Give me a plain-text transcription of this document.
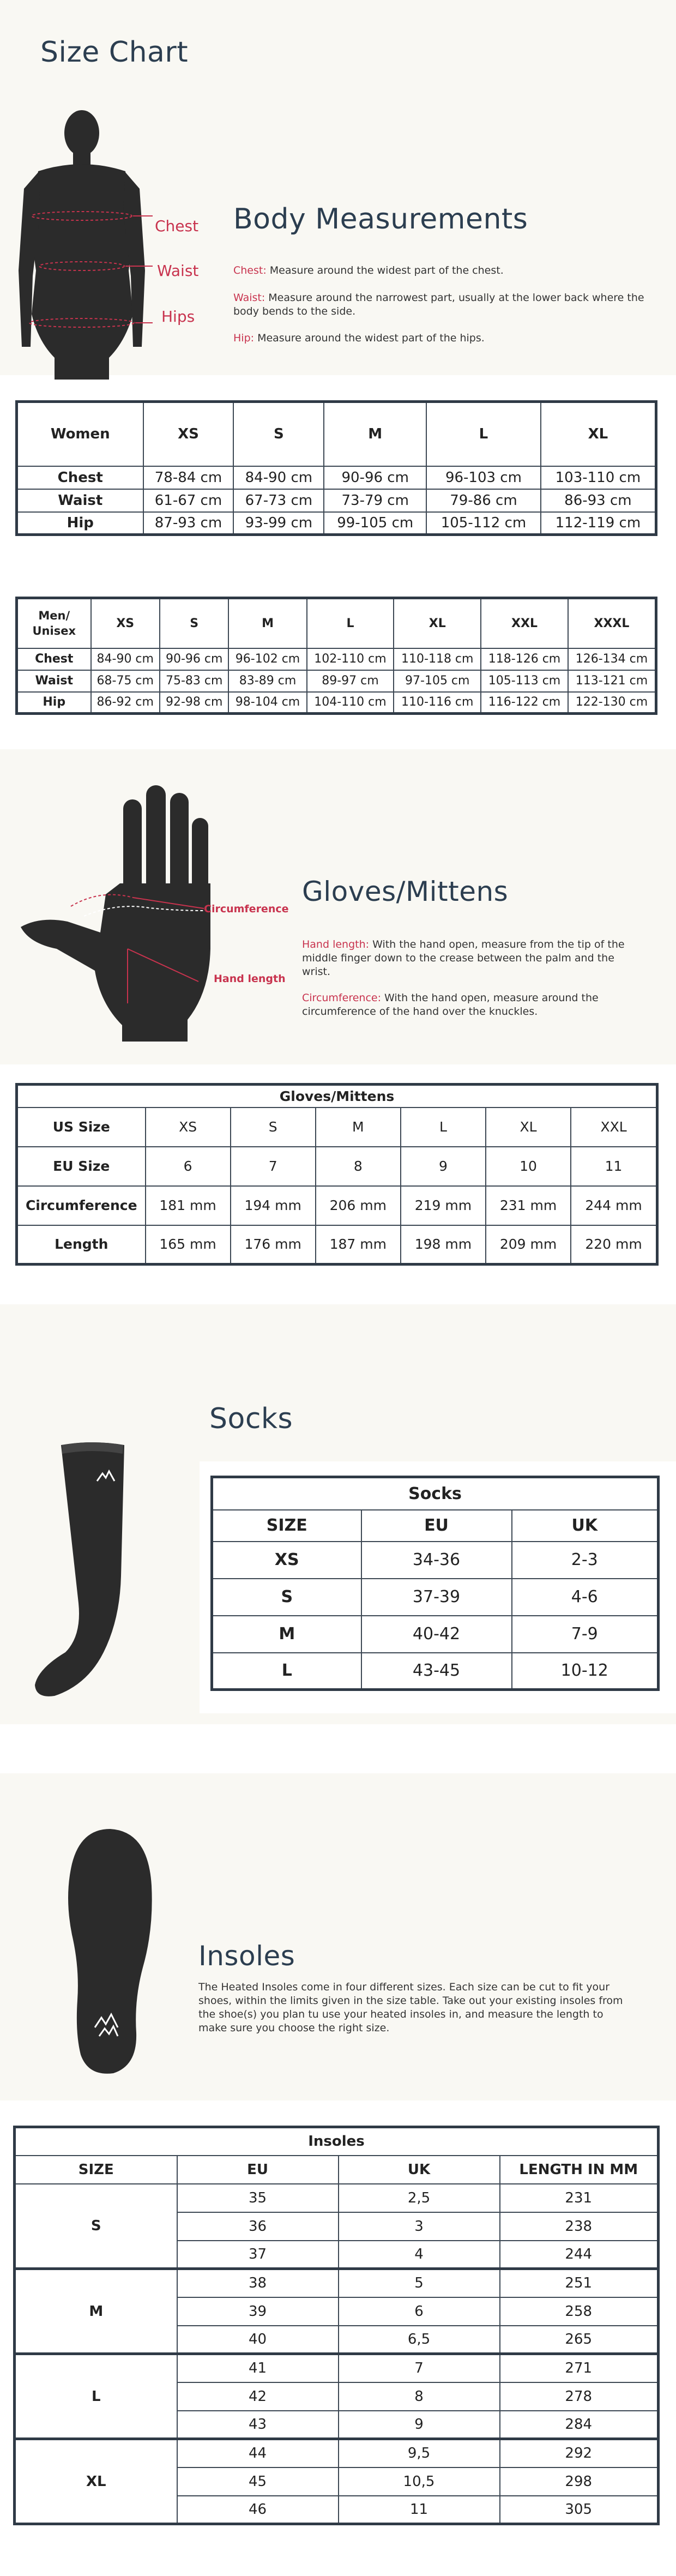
Size Chart
Chest
Waist
Hips
Body Measurements
Chest: Measure around the widest part of the chest.
Waist: Measure around the narrowest part, usually at the lower back where the body bends to the side.
Hip: Measure around the widest part of the hips.
Women	XS	S	M	L	XL
Chest	78-84 cm	84-90 cm	90-96 cm	96-103 cm	103-110 cm
Waist	61-67 cm	67-73 cm	73-79 cm	79-86 cm	86-93 cm
Hip	87-93 cm	93-99 cm	99-105 cm	105-112 cm	112-119 cm
Men/ Unisex	XS	S	M	L	XL	XXL	XXXL
Chest	84-90 cm	90-96 cm	96-102 cm	102-110 cm	110-118 cm	118-126 cm	126-134 cm
Waist	68-75 cm	75-83 cm	83-89 cm	89-97 cm	97-105 cm	105-113 cm	113-121 cm
Hip	86-92 cm	92-98 cm	98-104 cm	104-110 cm	110-116 cm	116-122 cm	122-130 cm
Circumference
Hand length
Gloves/Mittens
Hand length: With the hand open, measure from the tip of the middle finger down to the crease between the palm and the wrist.
Circumference: With the hand open, measure around the circumference of the hand over the knuckles.
Gloves/Mittens						
US Size	XS	S	M	L	XL	XXL
EU Size	6	7	8	9	10	11
Circumference	181 mm	194 mm	206 mm	219 mm	231 mm	244 mm
Length	165 mm	176 mm	187 mm	198 mm	209 mm	220 mm
Socks
Socks		
SIZE	EU	UK
XS	34-36	2-3
S	37-39	4-6
M	40-42	7-9
L	43-45	10-12
Insoles
The Heated Insoles come in four different sizes. Each size can be cut to fit your shoes, within the limits given in the size table. Take out your existing insoles from the shoe(s) you plan tu use your heated insoles in, and measure the length to make sure you choose the right size.
Insoles			
SIZE	EU	UK	LENGTH IN MM
S	35	2,5	231
	36	3	238
	37	4	244
M	38	5	251
	39	6	258
	40	6,5	265
L	41	7	271
	42	8	278
	43	9	284
XL	44	9,5	292
	45	10,5	298
	46	11	305
